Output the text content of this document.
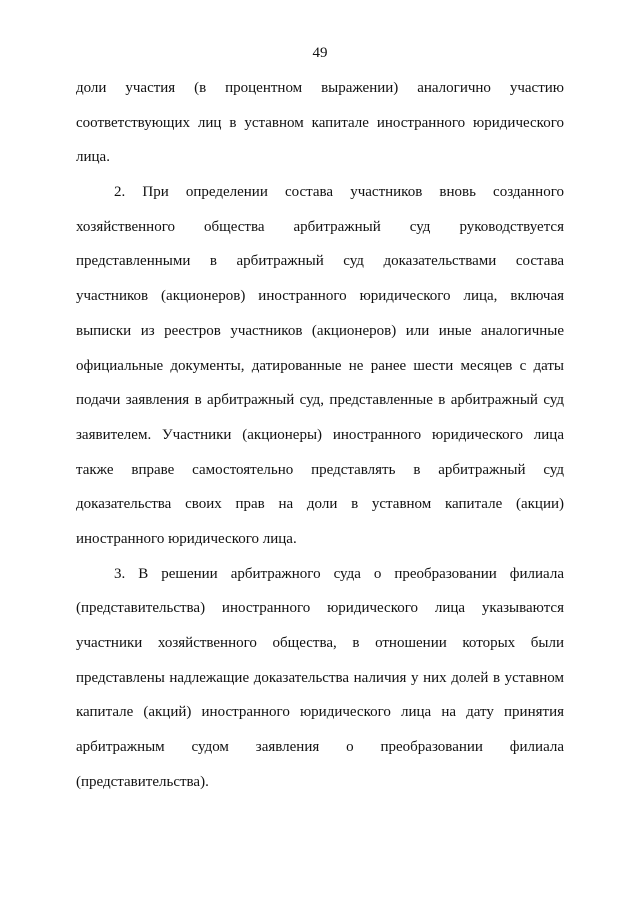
49
доли участия (в процентном выражении) аналогично участию
соответствующих лиц в уставном капитале иностранного юридического
лица.
2. При определении состава участников вновь созданного
хозяйственного общества арбитражный суд руководствуется
представленными в арбитражный суд доказательствами состава
участников (акционеров) иностранного юридического лица, включая
выписки из реестров участников (акционеров) или иные аналогичные
официальные документы, датированные не ранее шести месяцев с даты
подачи заявления в арбитражный суд, представленные в арбитражный суд
заявителем. Участники (акционеры) иностранного юридического лица
также вправе самостоятельно представлять в арбитражный суд
доказательства своих прав на доли в уставном капитале (акции)
иностранного юридического лица.
3. В решении арбитражного суда о преобразовании филиала
(представительства) иностранного юридического лица указываются
участники хозяйственного общества, в отношении которых были
представлены надлежащие доказательства наличия у них долей в уставном
капитале (акций) иностранного юридического лица на дату принятия
арбитражным судом заявления о преобразовании филиала
(представительства).
